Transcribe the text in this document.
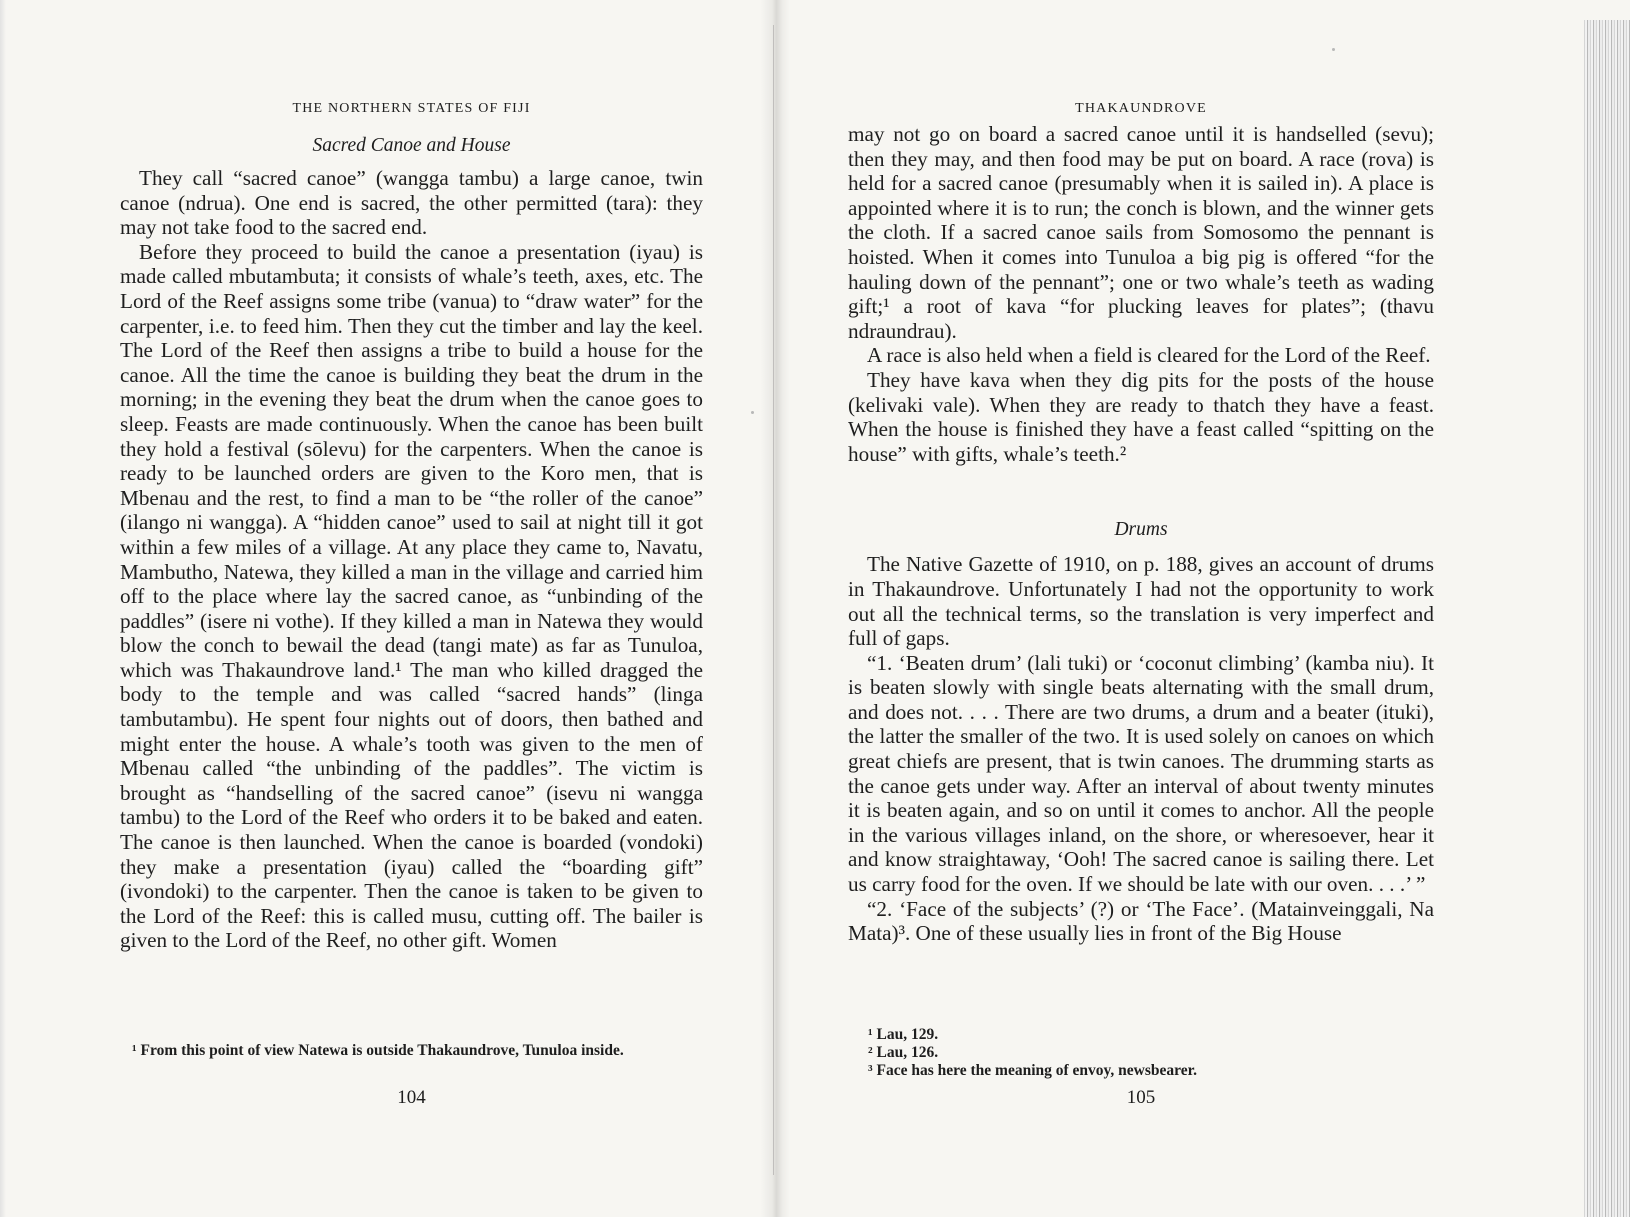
THE NORTHERN STATES OF FIJI
Sacred Canoe and House

They call “sacred canoe” (wangga tambu) a large canoe, twin canoe (ndrua). One end is sacred, the other permitted (tara): they may not take food to the sacred end.

Before they proceed to build the canoe a presentation (iyau) is made called mbutambuta; it consists of whale’s teeth, axes, etc. The Lord of the Reef assigns some tribe (vanua) to “draw water” for the carpenter, i.e. to feed him. Then they cut the timber and lay the keel. The Lord of the Reef then assigns a tribe to build a house for the canoe. All the time the canoe is building they beat the drum in the morning; in the evening they beat the drum when the canoe goes to sleep. Feasts are made continuously. When the canoe has been built they hold a festival (sōlevu) for the carpenters. When the canoe is ready to be launched orders are given to the Koro men, that is Mbenau and the rest, to find a man to be “the roller of the canoe” (ilango ni wangga). A “hidden canoe” used to sail at night till it got within a few miles of a village. At any place they came to, Navatu, Mambutho, Natewa, they killed a man in the village and carried him off to the place where lay the sacred canoe, as “unbinding of the paddles” (isere ni vothe). If they killed a man in Natewa they would blow the conch to bewail the dead (tangi mate) as far as Tunuloa, which was Thakaundrove land.¹ The man who killed dragged the body to the temple and was called “sacred hands” (linga tambutambu). He spent four nights out of doors, then bathed and might enter the house. A whale’s tooth was given to the men of Mbenau called “the unbinding of the paddles”. The victim is brought as “handselling of the sacred canoe” (isevu ni wangga tambu) to the Lord of the Reef who orders it to be baked and eaten. The canoe is then launched. When the canoe is boarded (vondoki) they make a presentation (iyau) called the “boarding gift” (ivondoki) to the carpenter. Then the canoe is taken to be given to the Lord of the Reef: this is called musu, cutting off. The bailer is given to the Lord of the Reef, no other gift. Women

¹ From this point of view Natewa is outside Thakaundrove, Tunuloa inside.
104
THAKAUNDROVE

may not go on board a sacred canoe until it is handselled (sevu); then they may, and then food may be put on board. A race (rova) is held for a sacred canoe (presumably when it is sailed in). A place is appointed where it is to run; the conch is blown, and the winner gets the cloth. If a sacred canoe sails from Somosomo the pennant is hoisted. When it comes into Tunuloa a big pig is offered “for the hauling down of the pennant”; one or two whale’s teeth as wading gift;¹ a root of kava “for plucking leaves for plates”; (thavu ndraundrau).

A race is also held when a field is cleared for the Lord of the Reef.

They have kava when they dig pits for the posts of the house (kelivaki vale). When they are ready to thatch they have a feast. When the house is finished they have a feast called “spitting on the house” with gifts, whale’s teeth.²

Drums

The Native Gazette of 1910, on p. 188, gives an account of drums in Thakaundrove. Unfortunately I had not the opportunity to work out all the technical terms, so the translation is very imperfect and full of gaps.

“1. ‘Beaten drum’ (lali tuki) or ‘coconut climbing’ (kamba niu). It is beaten slowly with single beats alternating with the small drum, and does not. . . . There are two drums, a drum and a beater (ituki), the latter the smaller of the two. It is used solely on canoes on which great chiefs are present, that is twin canoes. The drumming starts as the canoe gets under way. After an interval of about twenty minutes it is beaten again, and so on until it comes to anchor. All the people in the various villages inland, on the shore, or wheresoever, hear it and know straightaway, ‘Ooh! The sacred canoe is sailing there. Let us carry food for the oven. If we should be late with our oven. . . .’ ”

“2. ‘Face of the subjects’ (?) or ‘The Face’. (Matainveinggali, Na Mata)³. One of these usually lies in front of the Big House

¹ Lau, 129.
² Lau, 126.
³ Face has here the meaning of envoy, newsbearer.
105
